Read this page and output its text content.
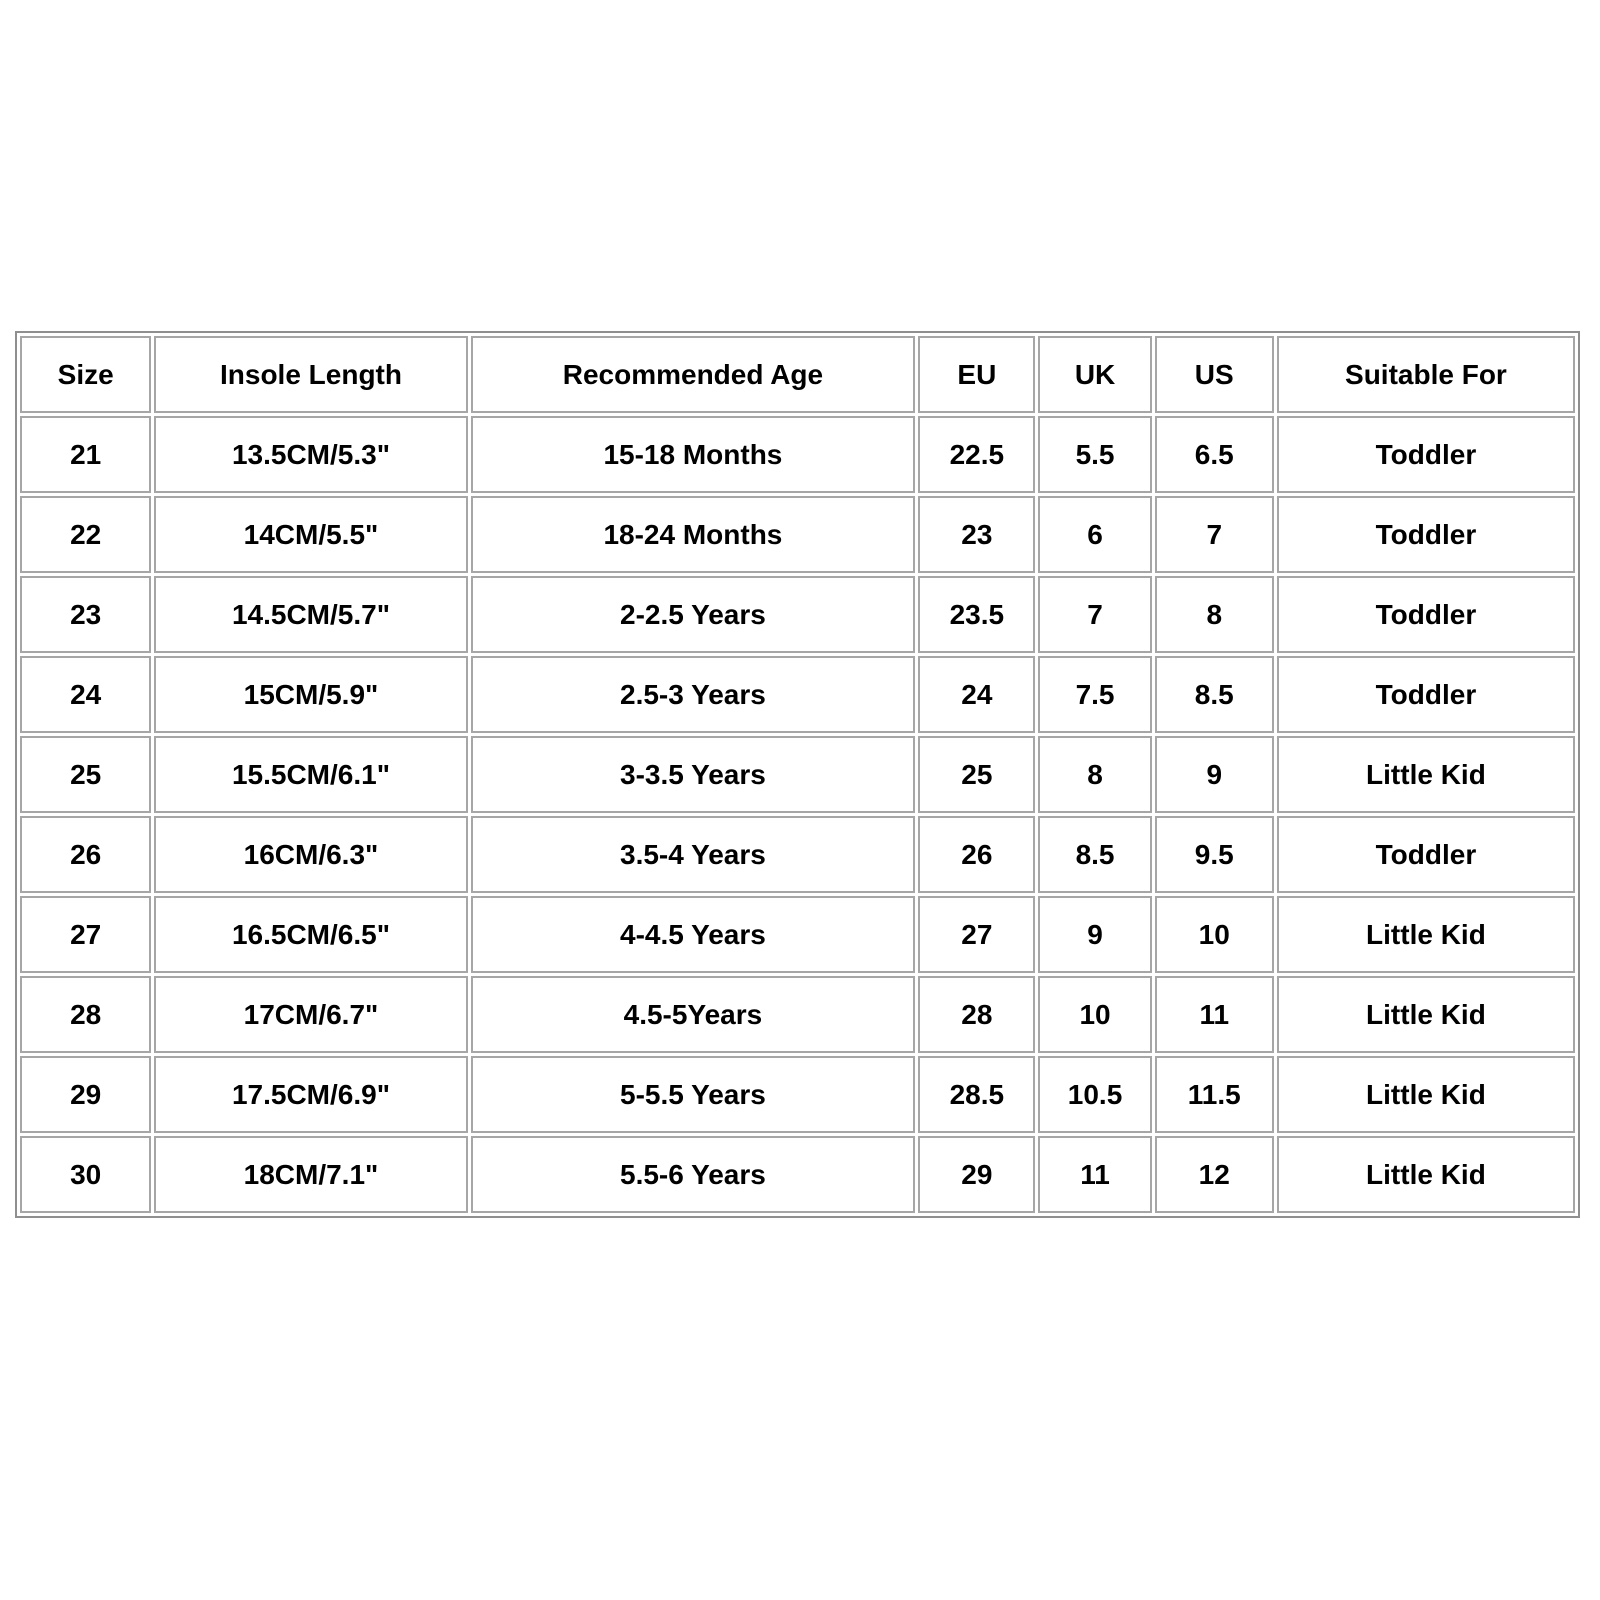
Size	Insole Length	Recommended Age	EU	UK	US	Suitable For
21	13.5CM/5.3"	15-18 Months	22.5	5.5	6.5	Toddler
22	14CM/5.5"	18-24 Months	23	6	7	Toddler
23	14.5CM/5.7"	2-2.5 Years	23.5	7	8	Toddler
24	15CM/5.9"	2.5-3 Years	24	7.5	8.5	Toddler
25	15.5CM/6.1"	3-3.5 Years	25	8	9	Little Kid
26	16CM/6.3"	3.5-4 Years	26	8.5	9.5	Toddler
27	16.5CM/6.5"	4-4.5 Years	27	9	10	Little Kid
28	17CM/6.7"	4.5-5Years	28	10	11	Little Kid
29	17.5CM/6.9"	5-5.5 Years	28.5	10.5	11.5	Little Kid
30	18CM/7.1"	5.5-6 Years	29	11	12	Little Kid
